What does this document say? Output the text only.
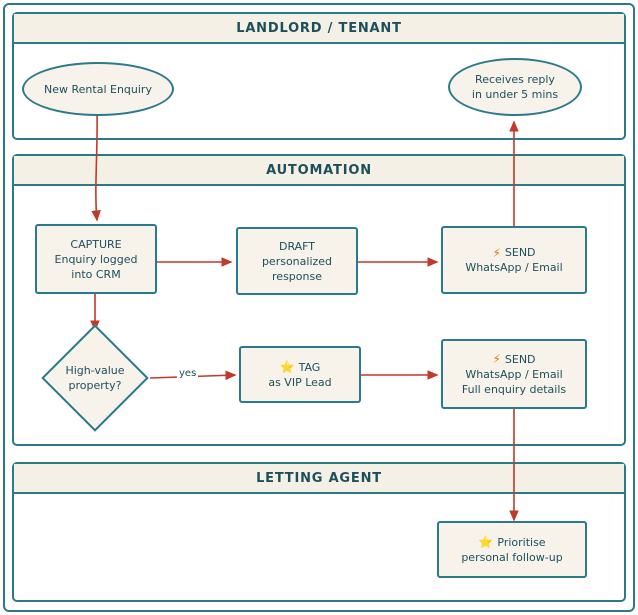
LANDLORD / TENANT
AUTOMATION
LETTING AGENT
New Rental Enquiry
Receives reply
in under 5 mins
CAPTURE
Enquiry logged
into CRM
DRAFT
personalized
response
⚡ SEND
WhatsApp / Email
High-value
property?
yes	⭐ TAG
as VIP Lead
⚡ SEND
WhatsApp / Email
Full enquiry details
⭐ Prioritise
personal follow-up
